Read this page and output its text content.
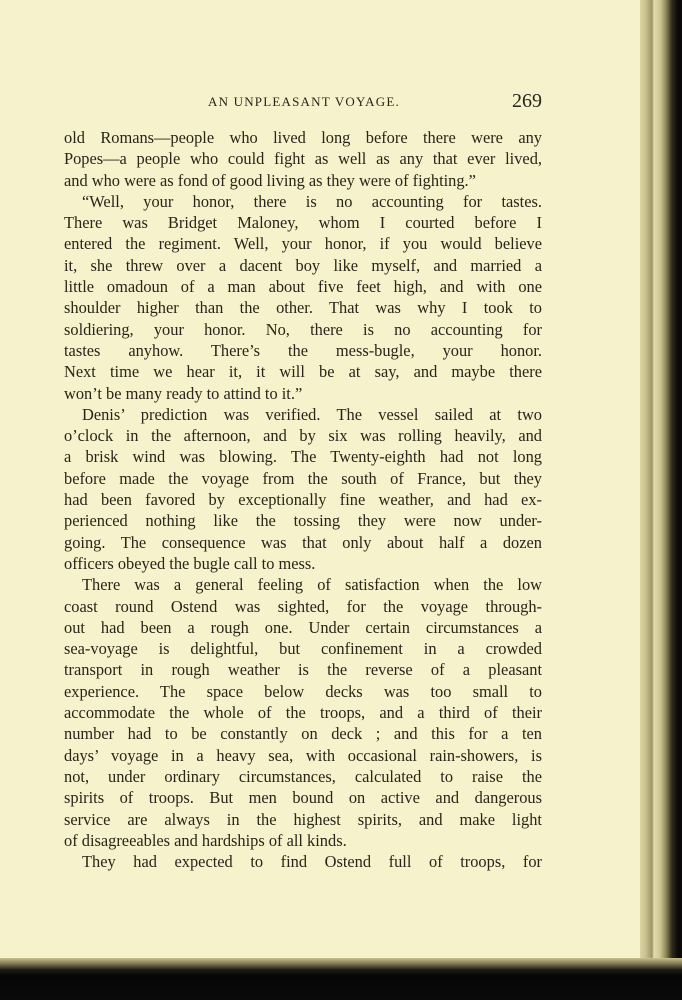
AN UNPLEASANT VOYAGE.	269
old Romans—people who lived long before there were any
Popes—a people who could fight as well as any that ever lived,
and who were as fond of good living as they were of fighting.”
“Well, your honor, there is no accounting for tastes.
There was Bridget Maloney, whom I courted before I
entered the regiment. Well, your honor, if you would believe
it, she threw over a dacent boy like myself, and married a
little omadoun of a man about five feet high, and with one
shoulder higher than the other. That was why I took to
soldiering, your honor. No, there is no accounting for
tastes anyhow. There’s the mess-bugle, your honor.
Next time we hear it, it will be at say, and maybe there
won’t be many ready to attind to it.”
Denis’ prediction was verified. The vessel sailed at two
o’clock in the afternoon, and by six was rolling heavily, and
a brisk wind was blowing. The Twenty-eighth had not long
before made the voyage from the south of France, but they
had been favored by exceptionally fine weather, and had ex-
perienced nothing like the tossing they were now under-
going. The consequence was that only about half a dozen
officers obeyed the bugle call to mess.
There was a general feeling of satisfaction when the low
coast round Ostend was sighted, for the voyage through-
out had been a rough one. Under certain circumstances a
sea-voyage is delightful, but confinement in a crowded
transport in rough weather is the reverse of a pleasant
experience. The space below decks was too small to
accommodate the whole of the troops, and a third of their
number had to be constantly on deck ; and this for a ten
days’ voyage in a heavy sea, with occasional rain-showers, is
not, under ordinary circumstances, calculated to raise the
spirits of troops. But men bound on active and dangerous
service are always in the highest spirits, and make light
of disagreeables and hardships of all kinds.
They had expected to find Ostend full of troops, for
